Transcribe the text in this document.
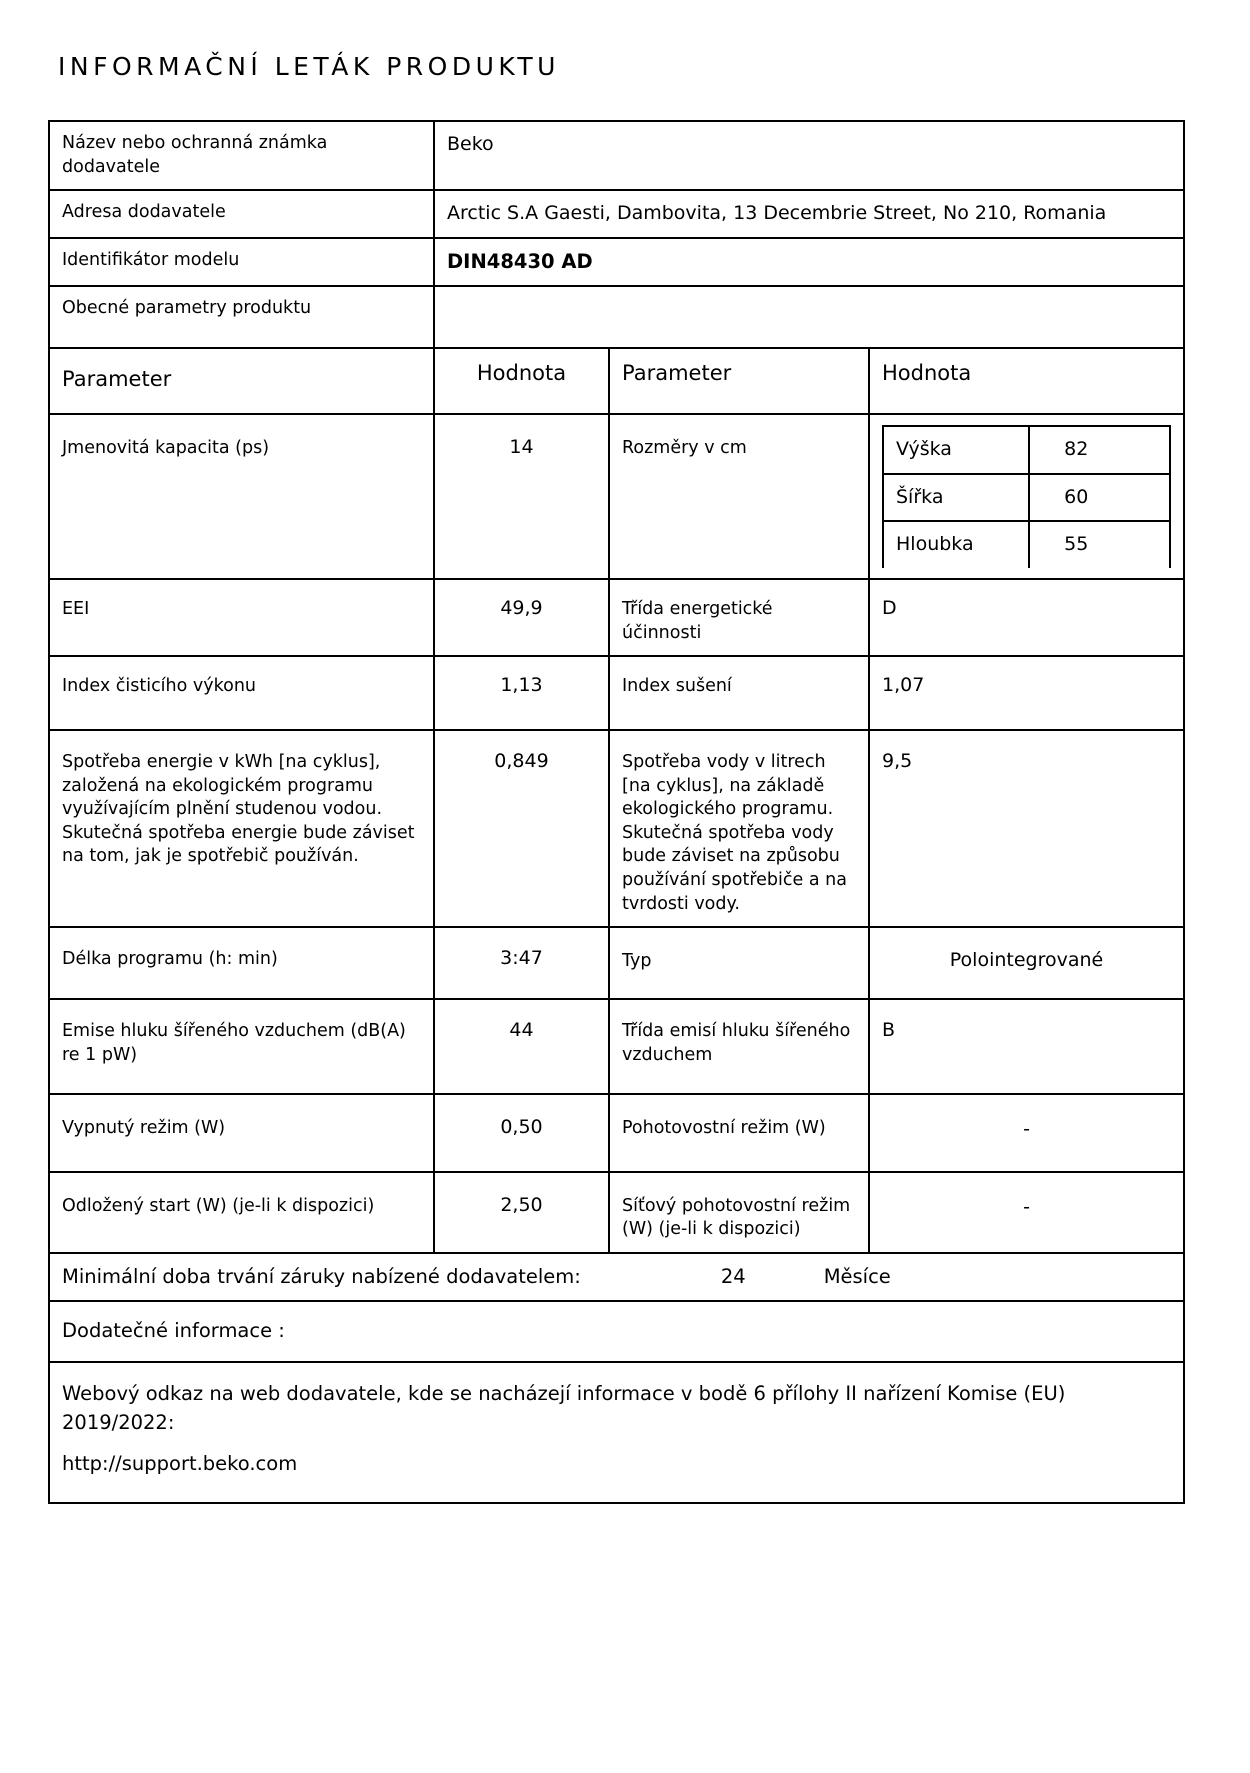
INFORMAČNÍ LETÁK PRODUKTU
Název nebo ochranná známka dodavatele	Beko
Adresa dodavatele	Arctic S.A Gaesti, Dambovita, 13 Decembrie Street, No 210, Romania
Identifikátor modelu	DIN48430 AD
Obecné parametry produktu	
Parameter	Hodnota	Parameter	Hodnota
Jmenovitá kapacita (ps)	14	Rozměry v cm		Výška	82
Šířka	60
Hloubka	55

EEI	49,9	Třída energetické účinnosti	D
Index čisticího výkonu	1,13	Index sušení	1,07
Spotřeba energie v kWh [na cyklus], založená na ekologickém programu využívajícím plnění studenou vodou. Skutečná spotřeba energie bude záviset na tom, jak je spotřebič používán.	0,849	Spotřeba vody v litrech [na cyklus], na základě ekologického programu. Skutečná spotřeba vody bude záviset na způsobu používání spotřebiče a na tvrdosti vody.	9,5
Délka programu (h: min)	3:47	Typ	Polointegrované
Emise hluku šířeného vzduchem (dB(A) re 1 pW)	44	Třída emisí hluku šířeného vzduchem	B
Vypnutý režim (W)	0,50	Pohotovostní režim (W)	-
Odložený start (W) (je-li k dispozici)	2,50	Síťový pohotovostní režim (W) (je-li k dispozici)	-

Minimální doba trvání záruky nabízené dodavatelem:	24	Měsíce

Dodatečné informace :

Webový odkaz na web dodavatele, kde se nacházejí informace v bodě 6 přílohy II nařízení Komise (EU) 2019/2022:
http://support.beko.com
